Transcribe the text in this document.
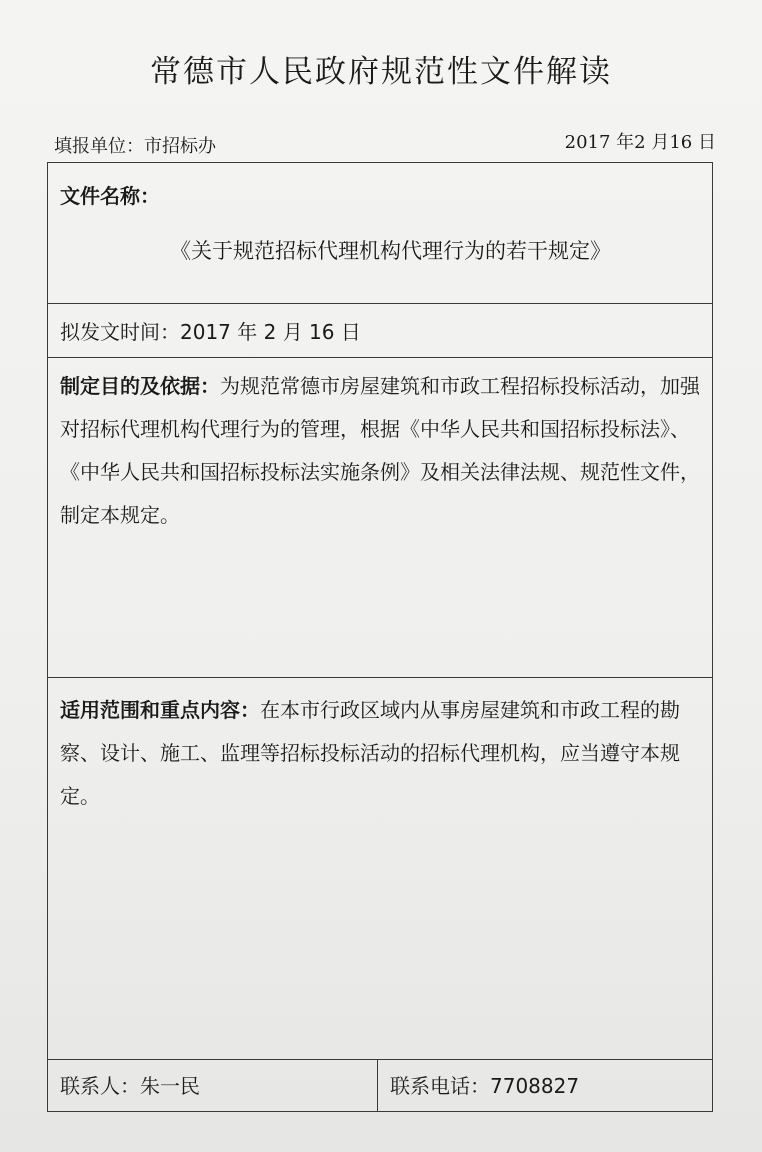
常德市人民政府规范性文件解读
填报单位：市招标办	2017 年2 月16 日
文件名称：
《关于规范招标代理机构代理行为的若干规定》
拟发文时间：2017 年 2 月 16 日
制定目的及依据：为规范常德市房屋建筑和市政工程招标投标活动，加强对招标代理机构代理行为的管理，根据《中华人民共和国招标投标法》、《中华人民共和国招标投标法实施条例》及相关法律法规、规范性文件，制定本规定。
适用范围和重点内容：在本市行政区域内从事房屋建筑和市政工程的勘察、设计、施工、监理等招标投标活动的招标代理机构，应当遵守本规定。
联系人：朱一民	联系电话：7708827
